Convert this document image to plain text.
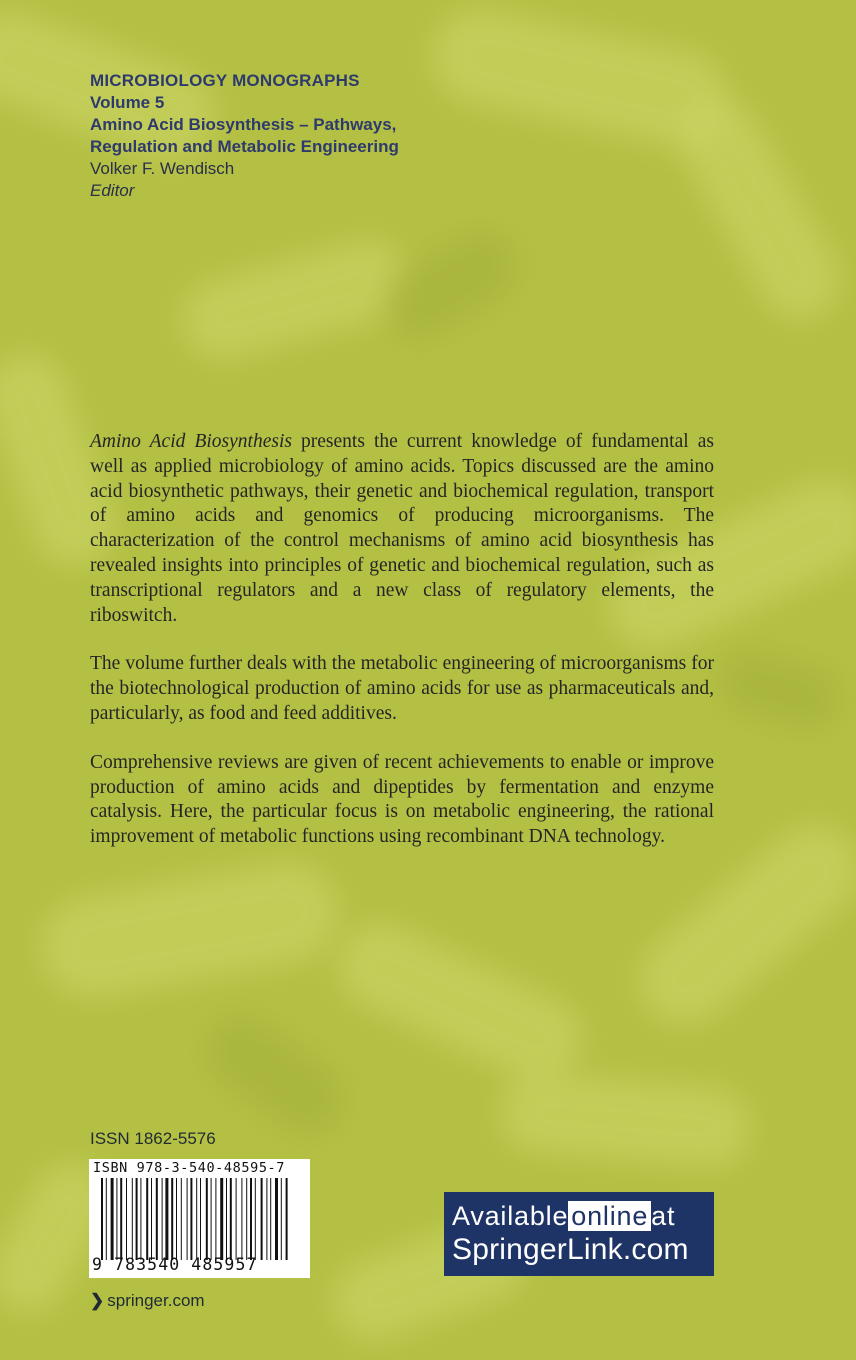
MICROBIOLOGY MONOGRAPHS
Volume 5
Amino Acid Biosynthesis – Pathways,
Regulation and Metabolic Engineering
Volker F. Wendisch
Editor

Amino Acid Biosynthesis presents the current knowledge of fundamental as well as applied microbiology of amino acids. Topics discussed are the amino acid biosynthetic pathways, their genetic and biochemical regulation, transport of amino acids and genomics of producing microorganisms. The characterization of the control mechanisms of amino acid biosynthesis has revealed insights into principles of genetic and biochemical regulation, such as transcriptional regulators and a new class of regulatory elements, the riboswitch.

The volume further deals with the metabolic engineering of microorganisms for the biotechnological production of amino acids for use as pharmaceuticals and, particularly, as food and feed additives.

Comprehensive reviews are given of recent achievements to enable or improve production of amino acids and dipeptides by fermentation and enzyme catalysis. Here, the particular focus is on metabolic engineering, the rational improvement of metabolic functions using recombinant DNA technology.

ISSN 1862-5576
ISBN 978-3-540-48595-7
9 783540 485957
❯ springer.com
Available online at
SpringerLink.com
